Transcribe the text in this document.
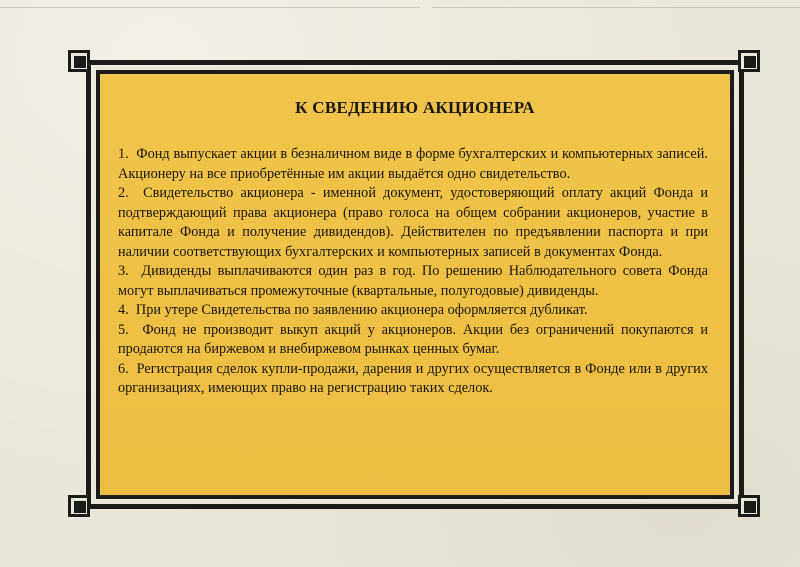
К СВЕДЕНИЮ АКЦИОНЕРА

1. Фонд выпускает акции в безналичном виде в форме бухгалтерских и компьютерных записей. Акционеру на все приобретённые им акции выдаётся одно свидетельство.

2. Свидетельство акционера - именной документ, удостоверяющий оплату акций Фонда и подтверждающий права акционера (право голоса на общем собрании акционеров, участие в капитале Фонда и получение дивидендов). Действителен по предъявлении паспорта и при наличии соответствующих бухгалтерских и компьютерных записей в документах Фонда.

3. Дивиденды выплачиваются один раз в год. По решению Наблюдательного совета Фонда могут выплачиваться промежуточные (квартальные, полугодовые) дивиденды.

4. При утере Свидетельства по заявлению акционера оформляется дубликат.

5. Фонд не производит выкуп акций у акционеров. Акции без ограничений покупаются и продаются на биржевом и внебиржевом рынках ценных бумаг.

6. Регистрация сделок купли-продажи, дарения и других осуществляется в Фонде или в других организациях, имеющих право на регистрацию таких сделок.
